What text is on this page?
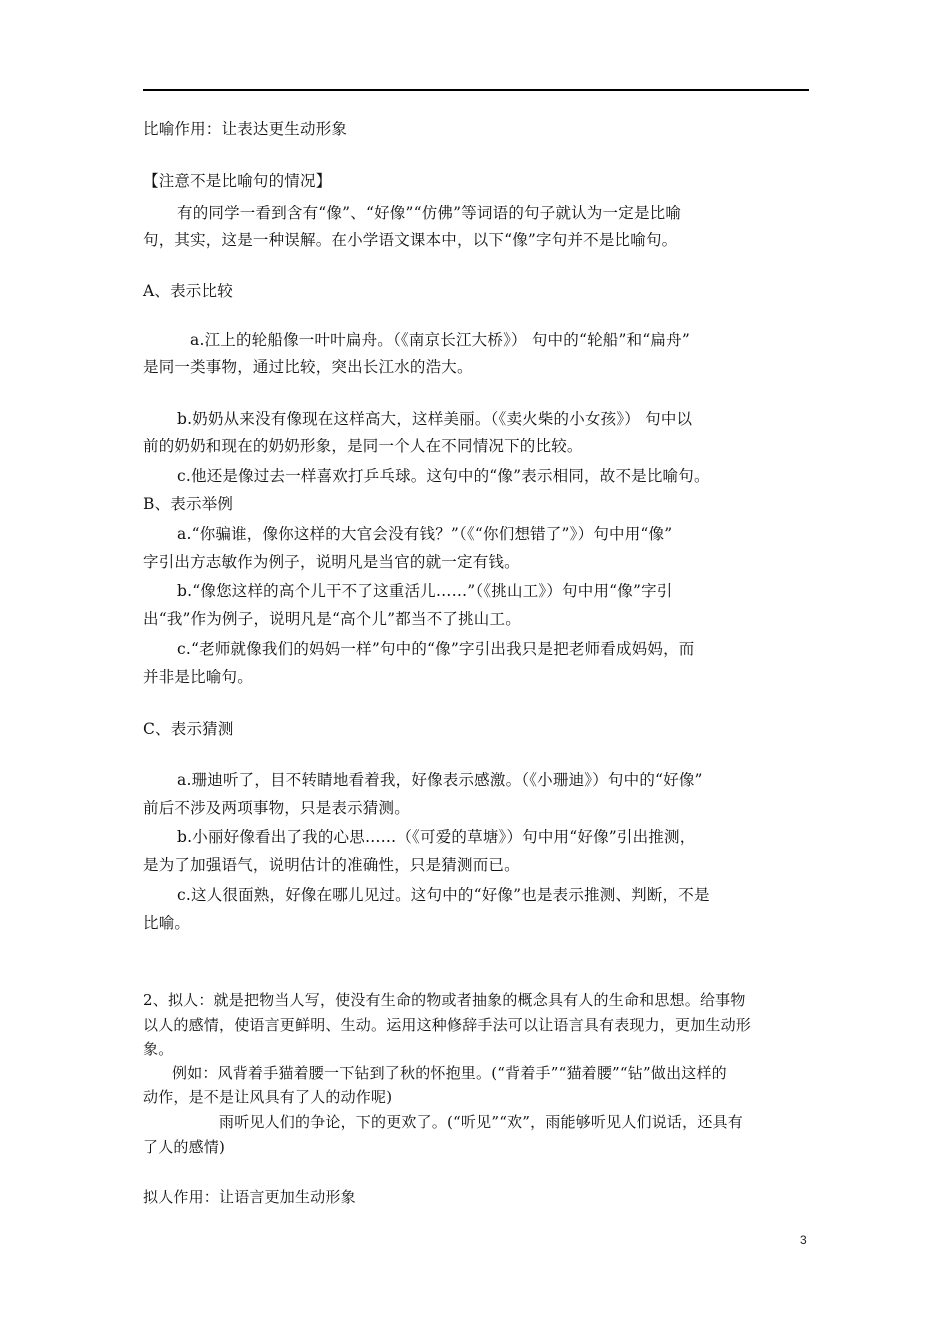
比喻作用：让表达更生动形象
【注意不是比喻句的情况】
有的同学一看到含有“像”、“好像”“仿佛”等词语的句子就认为一定是比喻
句，其实，这是一种误解。在小学语文课本中，以下“像”字句并不是比喻句。
A、表示比较
a.江上的轮船像一叶叶扁舟。（《南京长江大桥》） 句中的“轮船”和“扁舟”
是同一类事物，通过比较，突出长江水的浩大。
b.奶奶从来没有像现在这样高大，这样美丽。（《卖火柴的小女孩》） 句中以
前的奶奶和现在的奶奶形象，是同一个人在不同情况下的比较。
c.他还是像过去一样喜欢打乒乓球。这句中的“像”表示相同，故不是比喻句。
B、表示举例
a.“你骗谁，像你这样的大官会没有钱？”（《“你们想错了”》）句中用“像”
字引出方志敏作为例子，说明凡是当官的就一定有钱。
b.“像您这样的高个儿干不了这重活儿……”（《挑山工》）句中用“像”字引
出“我”作为例子，说明凡是“高个儿”都当不了挑山工。
c.“老师就像我们的妈妈一样”句中的“像”字引出我只是把老师看成妈妈，而
并非是比喻句。
C、表示猜测
a.珊迪听了，目不转睛地看着我，好像表示感激。（《小珊迪》）句中的“好像”
前后不涉及两项事物，只是表示猜测。
b.小丽好像看出了我的心思……（《可爱的草塘》）句中用“好像”引出推测，
是为了加强语气，说明估计的准确性，只是猜测而已。
c.这人很面熟，好像在哪儿见过。这句中的“好像”也是表示推测、判断，不是
比喻。
2、拟人：就是把物当人写，使没有生命的物或者抽象的概念具有人的生命和思想。给事物
以人的感情，使语言更鲜明、生动。运用这种修辞手法可以让语言具有表现力，更加生动形
象。
例如：风背着手猫着腰一下钻到了秋的怀抱里。(“背着手”“猫着腰”“钻”做出这样的
动作，是不是让风具有了人的动作呢)
雨听见人们的争论，下的更欢了。(“听见”“欢”，雨能够听见人们说话，还具有
了人的感情)
拟人作用：让语言更加生动形象
3
